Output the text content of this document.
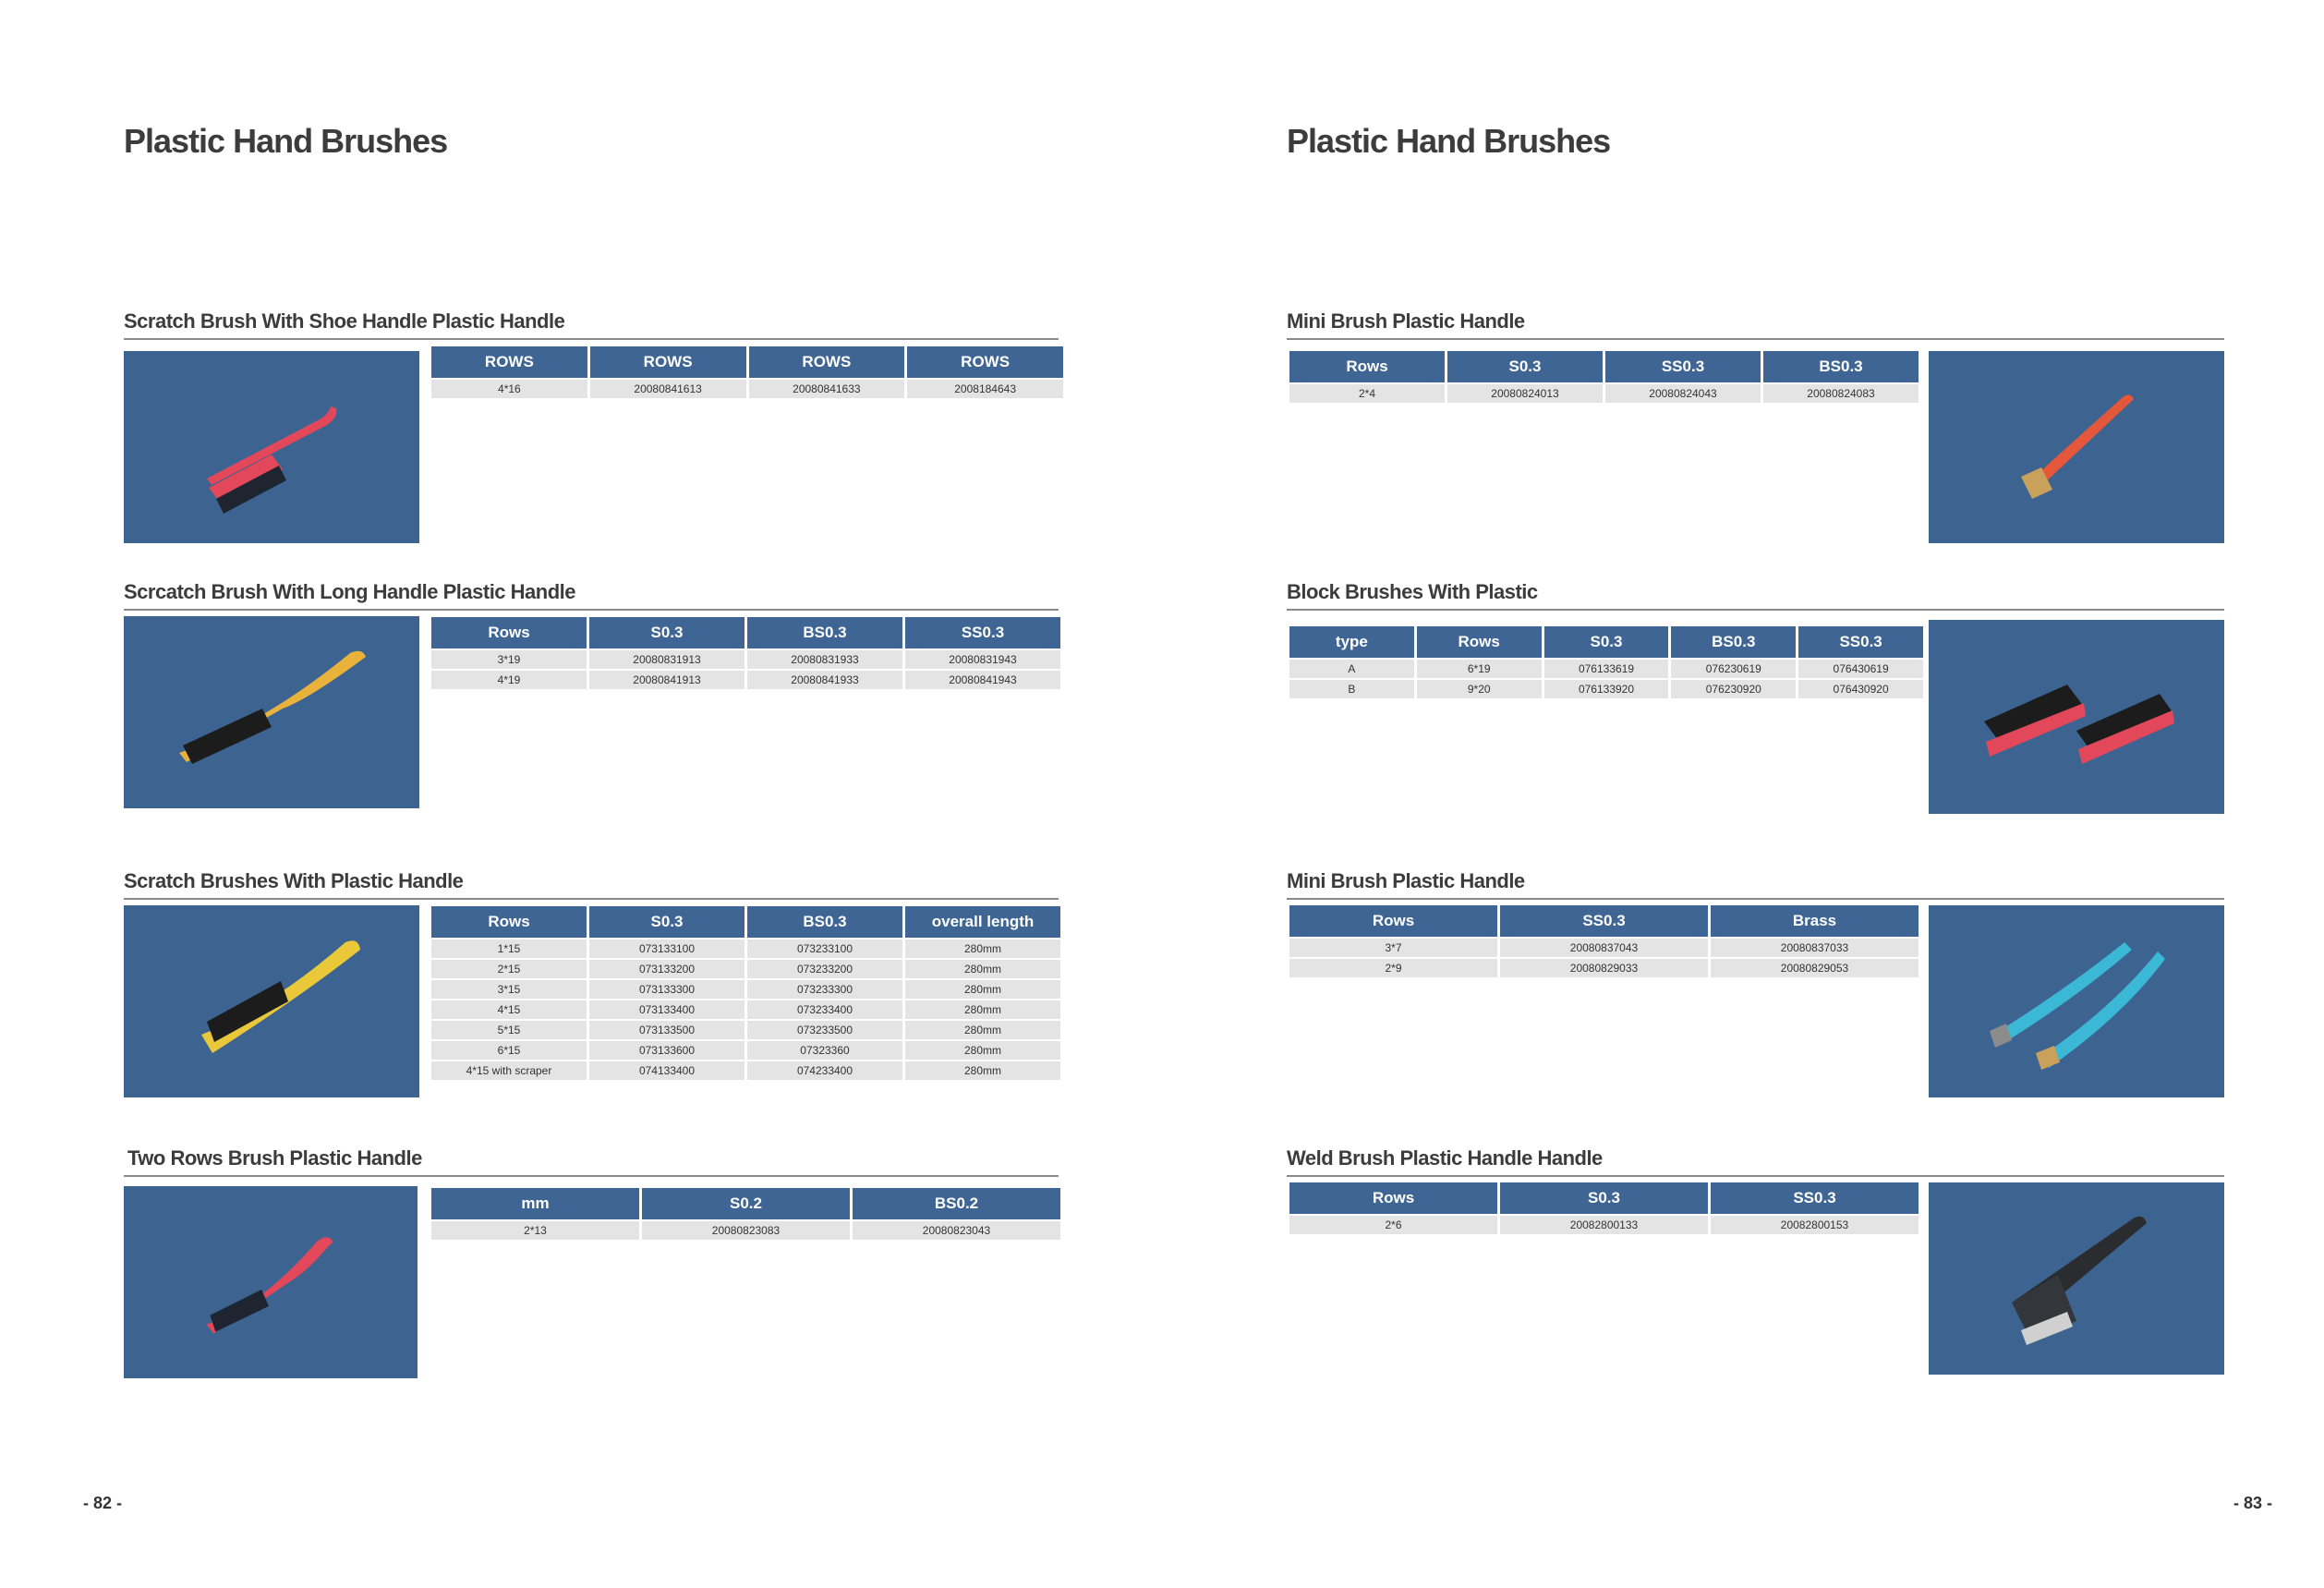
Plastic Hand Brushes
Scratch Brush With Shoe Handle Plastic Handle
ROWS	ROWS	ROWS	ROWS
4*16	20080841613	20080841633	2008184643
Scrcatch Brush With Long Handle Plastic Handle
Rows	S0.3	BS0.3	SS0.3
3*19	20080831913	20080831933	20080831943
4*19	20080841913	20080841933	20080841943
Scratch Brushes With Plastic Handle
Rows	S0.3	BS0.3	overall length
1*15	073133100	073233100	280mm
2*15	073133200	073233200	280mm
3*15	073133300	073233300	280mm
4*15	073133400	073233400	280mm
5*15	073133500	073233500	280mm
6*15	073133600	07323360	280mm
4*15 with scraper	074133400	074233400	280mm
Two Rows Brush Plastic Handle
mm	S0.2	BS0.2
2*13	20080823083	20080823043
- 82 -
Plastic Hand Brushes
Mini Brush Plastic Handle
Rows	S0.3	SS0.3	BS0.3
2*4	20080824013	20080824043	20080824083
Block Brushes With Plastic
type	Rows	S0.3	BS0.3	SS0.3
A	6*19	076133619	076230619	076430619
B	9*20	076133920	076230920	076430920
Mini Brush Plastic Handle
Rows	SS0.3	Brass
3*7	20080837043	20080837033
2*9	20080829033	20080829053
Weld Brush Plastic Handle Handle
Rows	S0.3	SS0.3
2*6	20082800133	20082800153
- 83 -
